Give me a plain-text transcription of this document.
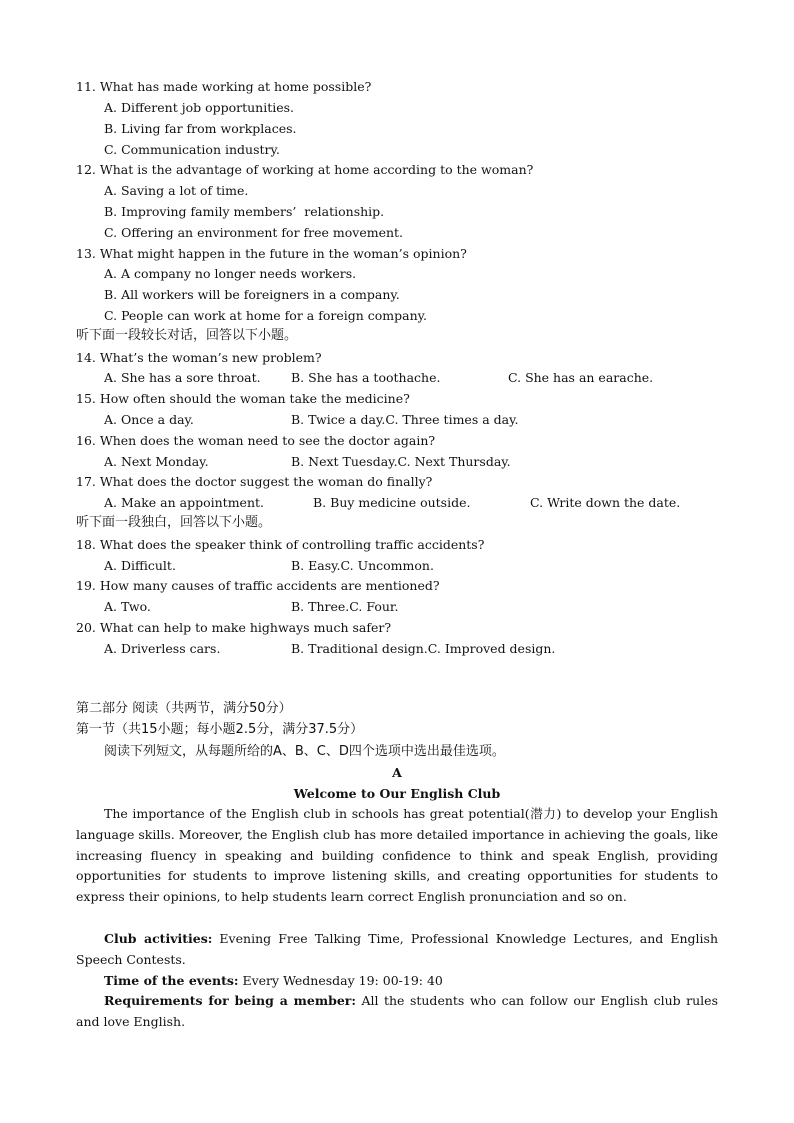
11. What has made working at home possible?
A. Different job opportunities.
B. Living far from workplaces.
C. Communication industry.
12. What is the advantage of working at home according to the woman?
A. Saving a lot of time.
B. Improving family members’  relationship.
C. Offering an environment for free movement.
13. What might happen in the future in the woman’s opinion?
A. A company no longer needs workers.
B. All workers will be foreigners in a company.
C. People can work at home for a foreign company.
听下面一段较长对话，回答以下小题。
14. What’s the woman’s new problem?
A. She has a sore throat. B. She has a toothache.	C. She has an earache.
15. How often should the woman take the medicine?
A. Once a day.	B. Twice a day.C. Three times a day.
16. When does the woman need to see the doctor again?
A. Next Monday.	B. Next Tuesday.C. Next Thursday.
17. What does the doctor suggest the woman do finally?
A. Make an appointment.	B. Buy medicine outside.	C. Write down the date.
听下面一段独白，回答以下小题。
18. What does the speaker think of controlling traffic accidents?
A. Difficult.	B. Easy.C. Uncommon.
19. How many causes of traffic accidents are mentioned?
A. Two.	B. Three.C. Four.
20. What can help to make highways much safer?
A. Driverless cars.	B. Traditional design.C. Improved design.
第二部分 阅读（共两节，满分50分）
第一节（共15小题；每小题2.5分，满分37.5分）
阅读下列短文，从每题所给的A、B、C、D四个选项中选出最佳选项。
A
Welcome to Our English Club
The importance of the English club in schools has great potential(潜力) to develop your English language skills. Moreover, the English club has more detailed importance in achieving the goals, like increasing fluency in speaking and building confidence to think and speak English, providing opportunities for students to improve listening skills, and creating opportunities for students to express their opinions, to help students learn correct English pronunciation and so on.
Club activities: Evening Free Talking Time, Professional Knowledge Lectures, and English Speech Contests.
Time of the events: Every Wednesday 19: 00-19: 40
Requirements for being a member: All the students who can follow our English club rules and love English.
